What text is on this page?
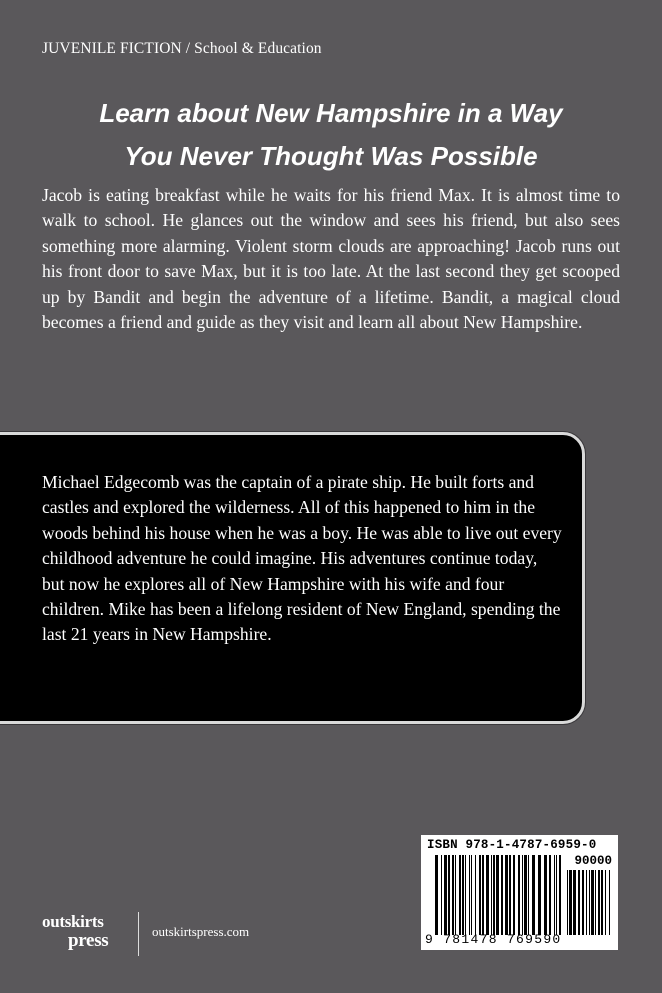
JUVENILE FICTION / School & Education
Learn about New Hampshire in a Way
You Never Thought Was Possible
Jacob is eating breakfast while he waits for his friend Max. It is almost time to walk to school. He glances out the window and sees his friend, but also sees something more alarming. Violent storm clouds are approaching! Jacob runs out his front door to save Max, but it is too late. At the last second they get scooped up by Bandit and begin the adventure of a lifetime. Bandit, a magical cloud becomes a friend and guide as they visit and learn all about New Hampshire.
Michael Edgecomb was the captain of a pirate ship. He built forts and castles and explored the wilderness. All of this happened to him in the woods behind his house when he was a boy. He was able to live out every childhood adventure he could imagine. His adventures continue today, but now he explores all of New Hampshire with his wife and four children. Mike has been a lifelong resident of New England, spending the last 21 years in New Hampshire.
ISBN 978-1-4787-6959-0
90000
9 781478 769590
outskirts
press	outskirtspress.com
